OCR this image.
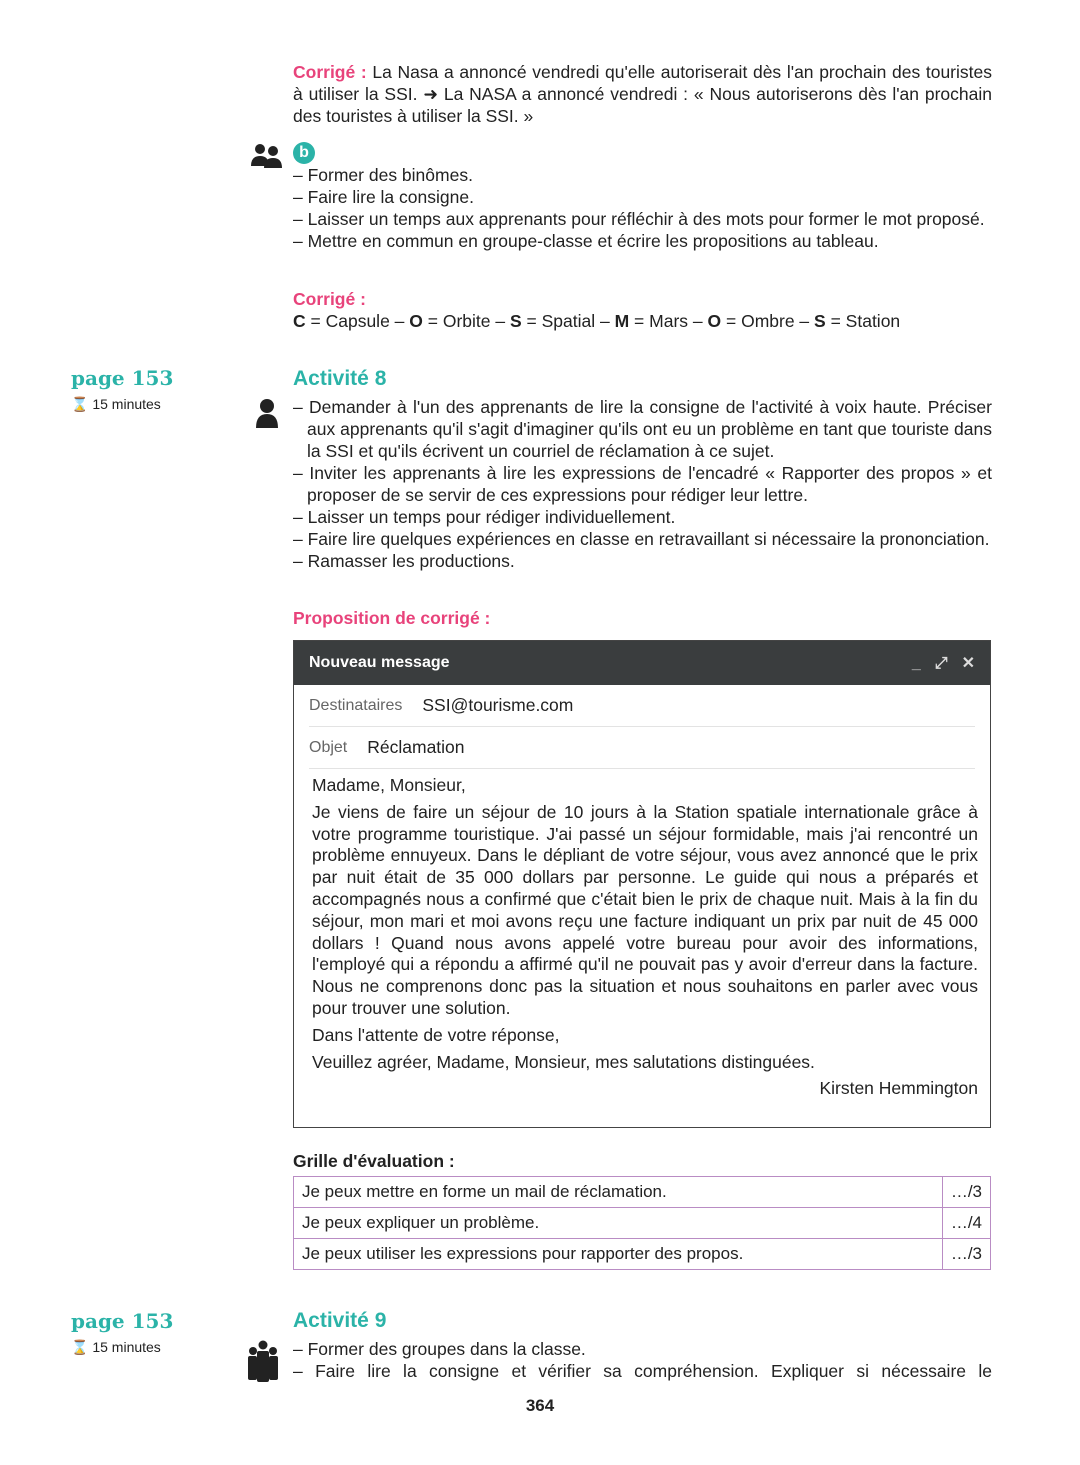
Corrigé : La Nasa a annoncé vendredi qu'elle autoriserait dès l'an prochain des touristes à utiliser la SSI. ➜ La NASA a annoncé vendredi : « Nous autoriserons dès l'an prochain des touristes à utiliser la SSI. »
b
– Former des binômes.
– Faire lire la consigne.
– Laisser un temps aux apprenants pour réfléchir à des mots pour former le mot proposé.
– Mettre en commun en groupe-classe et écrire les propositions au tableau.
Corrigé :
C = Capsule – O = Orbite – S = Spatial – M = Mars – O = Ombre – S = Station
page 153
⌛ 15 minutes
Activité 8
– Demander à l'un des apprenants de lire la consigne de l'activité à voix haute. Préciser aux apprenants qu'il s'agit d'imaginer qu'ils ont eu un problème en tant que touriste dans la SSI et qu'ils écrivent un courriel de réclamation à ce sujet.
– Inviter les apprenants à lire les expressions de l'encadré « Rapporter des propos » et proposer de se servir de ces expressions pour rédiger leur lettre.
– Laisser un temps pour rédiger individuellement.
– Faire lire quelques expériences en classe en retravaillant si nécessaire la prononciation.
– Ramasser les productions.
Proposition de corrigé :
Nouveau message	_ ⤢ ✕
Destinataires SSI@tourisme.com
Objet Réclamation

Madame, Monsieur,

Je viens de faire un séjour de 10 jours à la Station spatiale internationale grâce à votre programme touristique. J'ai passé un séjour formidable, mais j'ai rencontré un problème ennuyeux. Dans le dépliant de votre séjour, vous avez annoncé que le prix par nuit était de 35 000 dollars par personne. Le guide qui nous a préparés et accompagnés nous a confirmé que c'était bien le prix de chaque nuit. Mais à la fin du séjour, mon mari et moi avons reçu une facture indiquant un prix par nuit de 45 000 dollars ! Quand nous avons appelé votre bureau pour avoir des informations, l'employé qui a répondu a affirmé qu'il ne pouvait pas y avoir d'erreur dans la facture. Nous ne comprenons donc pas la situation et nous souhaitons en parler avec vous pour trouver une solution.

Dans l'attente de votre réponse,

Veuillez agréer, Madame, Monsieur, mes salutations distinguées.

Kirsten Hemmington

Grille d'évaluation :
Je peux mettre en forme un mail de réclamation.	…/3
Je peux expliquer un problème.	…/4
Je peux utiliser les expressions pour rapporter des propos.	…/3
page 153
⌛ 15 minutes
Activité 9
– Former des groupes dans la classe.
– Faire lire la consigne et vérifier sa compréhension. Expliquer si nécessaire le
364
